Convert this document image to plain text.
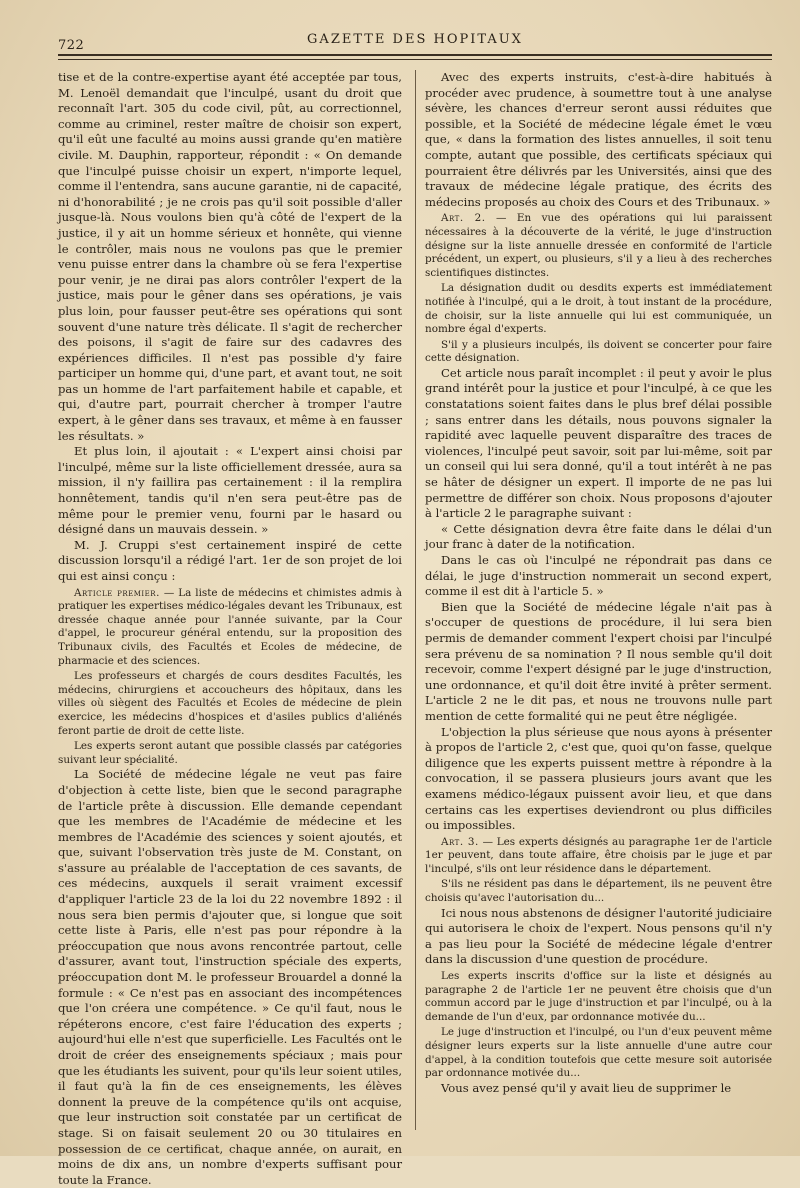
722	GAZETTE DES HOPITAUX

tise et de la contre-expertise ayant été acceptée par tous, M. Lenoël demandait que l'inculpé, usant du droit que reconnaît l'art. 305 du code civil, pût, au correctionnel, comme au criminel, rester maître de choisir son expert, qu'il eût une faculté au moins aussi grande qu'en matière civile. M. Dauphin, rapporteur, répondit : « On demande que l'inculpé puisse choisir un expert, n'importe lequel, comme il l'entendra, sans aucune garantie, ni de capacité, ni d'honorabilité ; je ne crois pas qu'il soit possible d'aller jusque-là. Nous voulons bien qu'à côté de l'expert de la justice, il y ait un homme sérieux et honnête, qui vienne le contrôler, mais nous ne voulons pas que le premier venu puisse entrer dans la chambre où se fera l'expertise pour venir, je ne dirai pas alors contrôler l'expert de la justice, mais pour le gêner dans ses opérations, je vais plus loin, pour fausser peut-être ses opérations qui sont souvent d'une nature très délicate. Il s'agit de rechercher des poisons, il s'agit de faire sur des cadavres des expériences difficiles. Il n'est pas possible d'y faire participer un homme qui, d'une part, et avant tout, ne soit pas un homme de l'art parfaitement habile et capable, et qui, d'autre part, pourrait chercher à tromper l'autre expert, à le gêner dans ses travaux, et même à en fausser les résultats. »

Et plus loin, il ajoutait : « L'expert ainsi choisi par l'inculpé, même sur la liste officiellement dressée, aura sa mission, il n'y faillira pas certainement : il la remplira honnêtement, tandis qu'il n'en sera peut-être pas de même pour le premier venu, fourni par le hasard ou désigné dans un mauvais dessein. »

M. J. Cruppi s'est certainement inspiré de cette discussion lorsqu'il a rédigé l'art. 1er de son projet de loi qui est ainsi conçu :

Article premier. — La liste de médecins et chimistes admis à pratiquer les expertises médico-légales devant les Tribunaux, est dressée chaque année pour l'année suivante, par la Cour d'appel, le procureur général entendu, sur la proposition des Tribunaux civils, des Facultés et Ecoles de médecine, de pharmacie et des sciences.

Les professeurs et chargés de cours desdites Facultés, les médecins, chirurgiens et accoucheurs des hôpitaux, dans les villes où siègent des Facultés et Ecoles de médecine de plein exercice, les médecins d'hospices et d'asiles publics d'aliénés feront partie de droit de cette liste.

Les experts seront autant que possible classés par catégories suivant leur spécialité.

La Société de médecine légale ne veut pas faire d'objection à cette liste, bien que le second paragraphe de l'article prête à discussion. Elle demande cependant que les membres de l'Académie de médecine et les membres de l'Académie des sciences y soient ajoutés, et que, suivant l'observation très juste de M. Constant, on s'assure au préalable de l'acceptation de ces savants, de ces médecins, auxquels il serait vraiment excessif d'appliquer l'article 23 de la loi du 22 novembre 1892 : il nous sera bien permis d'ajouter que, si longue que soit cette liste à Paris, elle n'est pas pour répondre à la préoccupation que nous avons rencontrée partout, celle d'assurer, avant tout, l'instruction spéciale des experts, préoccupation dont M. le professeur Brouardel a donné la formule : « Ce n'est pas en associant des incompétences que l'on créera une compétence. » Ce qu'il faut, nous le répéterons encore, c'est faire l'éducation des experts ; aujourd'hui elle n'est que superficielle. Les Facultés ont le droit de créer des enseignements spéciaux ; mais pour que les étudiants les suivent, pour qu'ils leur soient utiles, il faut qu'à la fin de ces enseignements, les élèves donnent la preuve de la compétence qu'ils ont acquise, que leur instruction soit constatée par un certificat de stage. Si on faisait seulement 20 ou 30 titulaires en possession de ce certificat, chaque année, on aurait, en moins de dix ans, un nombre d'experts suffisant pour toute la France.

Avec des experts instruits, c'est-à-dire habitués à procéder avec prudence, à soumettre tout à une analyse sévère, les chances d'erreur seront aussi réduites que possible, et la Société de médecine légale émet le vœu que, « dans la formation des listes annuelles, il soit tenu compte, autant que possible, des certificats spéciaux qui pourraient être délivrés par les Universités, ainsi que des travaux de médecine légale pratique, des écrits des médecins proposés au choix des Cours et des Tribunaux. »

Art. 2. — En vue des opérations qui lui paraissent nécessaires à la découverte de la vérité, le juge d'instruction désigne sur la liste annuelle dressée en conformité de l'article précédent, un expert, ou plusieurs, s'il y a lieu à des recherches scientifiques distinctes.

La désignation dudit ou desdits experts est immédiatement notifiée à l'inculpé, qui a le droit, à tout instant de la procédure, de choisir, sur la liste annuelle qui lui est communiquée, un nombre égal d'experts.

S'il y a plusieurs inculpés, ils doivent se concerter pour faire cette désignation.

Cet article nous paraît incomplet : il peut y avoir le plus grand intérêt pour la justice et pour l'inculpé, à ce que les constatations soient faites dans le plus bref délai possible ; sans entrer dans les détails, nous pouvons signaler la rapidité avec laquelle peuvent disparaître des traces de violences, l'inculpé peut savoir, soit par lui-même, soit par un conseil qui lui sera donné, qu'il a tout intérêt à ne pas se hâter de désigner un expert. Il importe de ne pas lui permettre de différer son choix. Nous proposons d'ajouter à l'article 2 le paragraphe suivant :

« Cette désignation devra être faite dans le délai d'un jour franc à dater de la notification.

Dans le cas où l'inculpé ne répondrait pas dans ce délai, le juge d'instruction nommerait un second expert, comme il est dit à l'article 5. »

Bien que la Société de médecine légale n'ait pas à s'occuper de questions de procédure, il lui sera bien permis de demander comment l'expert choisi par l'inculpé sera prévenu de sa nomination ? Il nous semble qu'il doit recevoir, comme l'expert désigné par le juge d'instruction, une ordonnance, et qu'il doit être invité à prêter serment. L'article 2 ne le dit pas, et nous ne trouvons nulle part mention de cette formalité qui ne peut être négligée.

L'objection la plus sérieuse que nous ayons à présenter à propos de l'article 2, c'est que, quoi qu'on fasse, quelque diligence que les experts puissent mettre à répondre à la convocation, il se passera plusieurs jours avant que les examens médico-légaux puissent avoir lieu, et que dans certains cas les expertises deviendront ou plus difficiles ou impossibles.

Art. 3. — Les experts désignés au paragraphe 1er de l'article 1er peuvent, dans toute affaire, être choisis par le juge et par l'inculpé, s'ils ont leur résidence dans le département.

S'ils ne résident pas dans le département, ils ne peuvent être choisis qu'avec l'autorisation du...

Ici nous nous abstenons de désigner l'autorité judiciaire qui autorisera le choix de l'expert. Nous pensons qu'il n'y a pas lieu pour la Société de médecine légale d'entrer dans la discussion d'une question de procédure.

Les experts inscrits d'office sur la liste et désignés au paragraphe 2 de l'article 1er ne peuvent être choisis que d'un commun accord par le juge d'instruction et par l'inculpé, ou à la demande de l'un d'eux, par ordonnance motivée du...

Le juge d'instruction et l'inculpé, ou l'un d'eux peuvent même désigner leurs experts sur la liste annuelle d'une autre cour d'appel, à la condition toutefois que cette mesure soit autorisée par ordonnance motivée du...

Vous avez pensé qu'il y avait lieu de supprimer le
